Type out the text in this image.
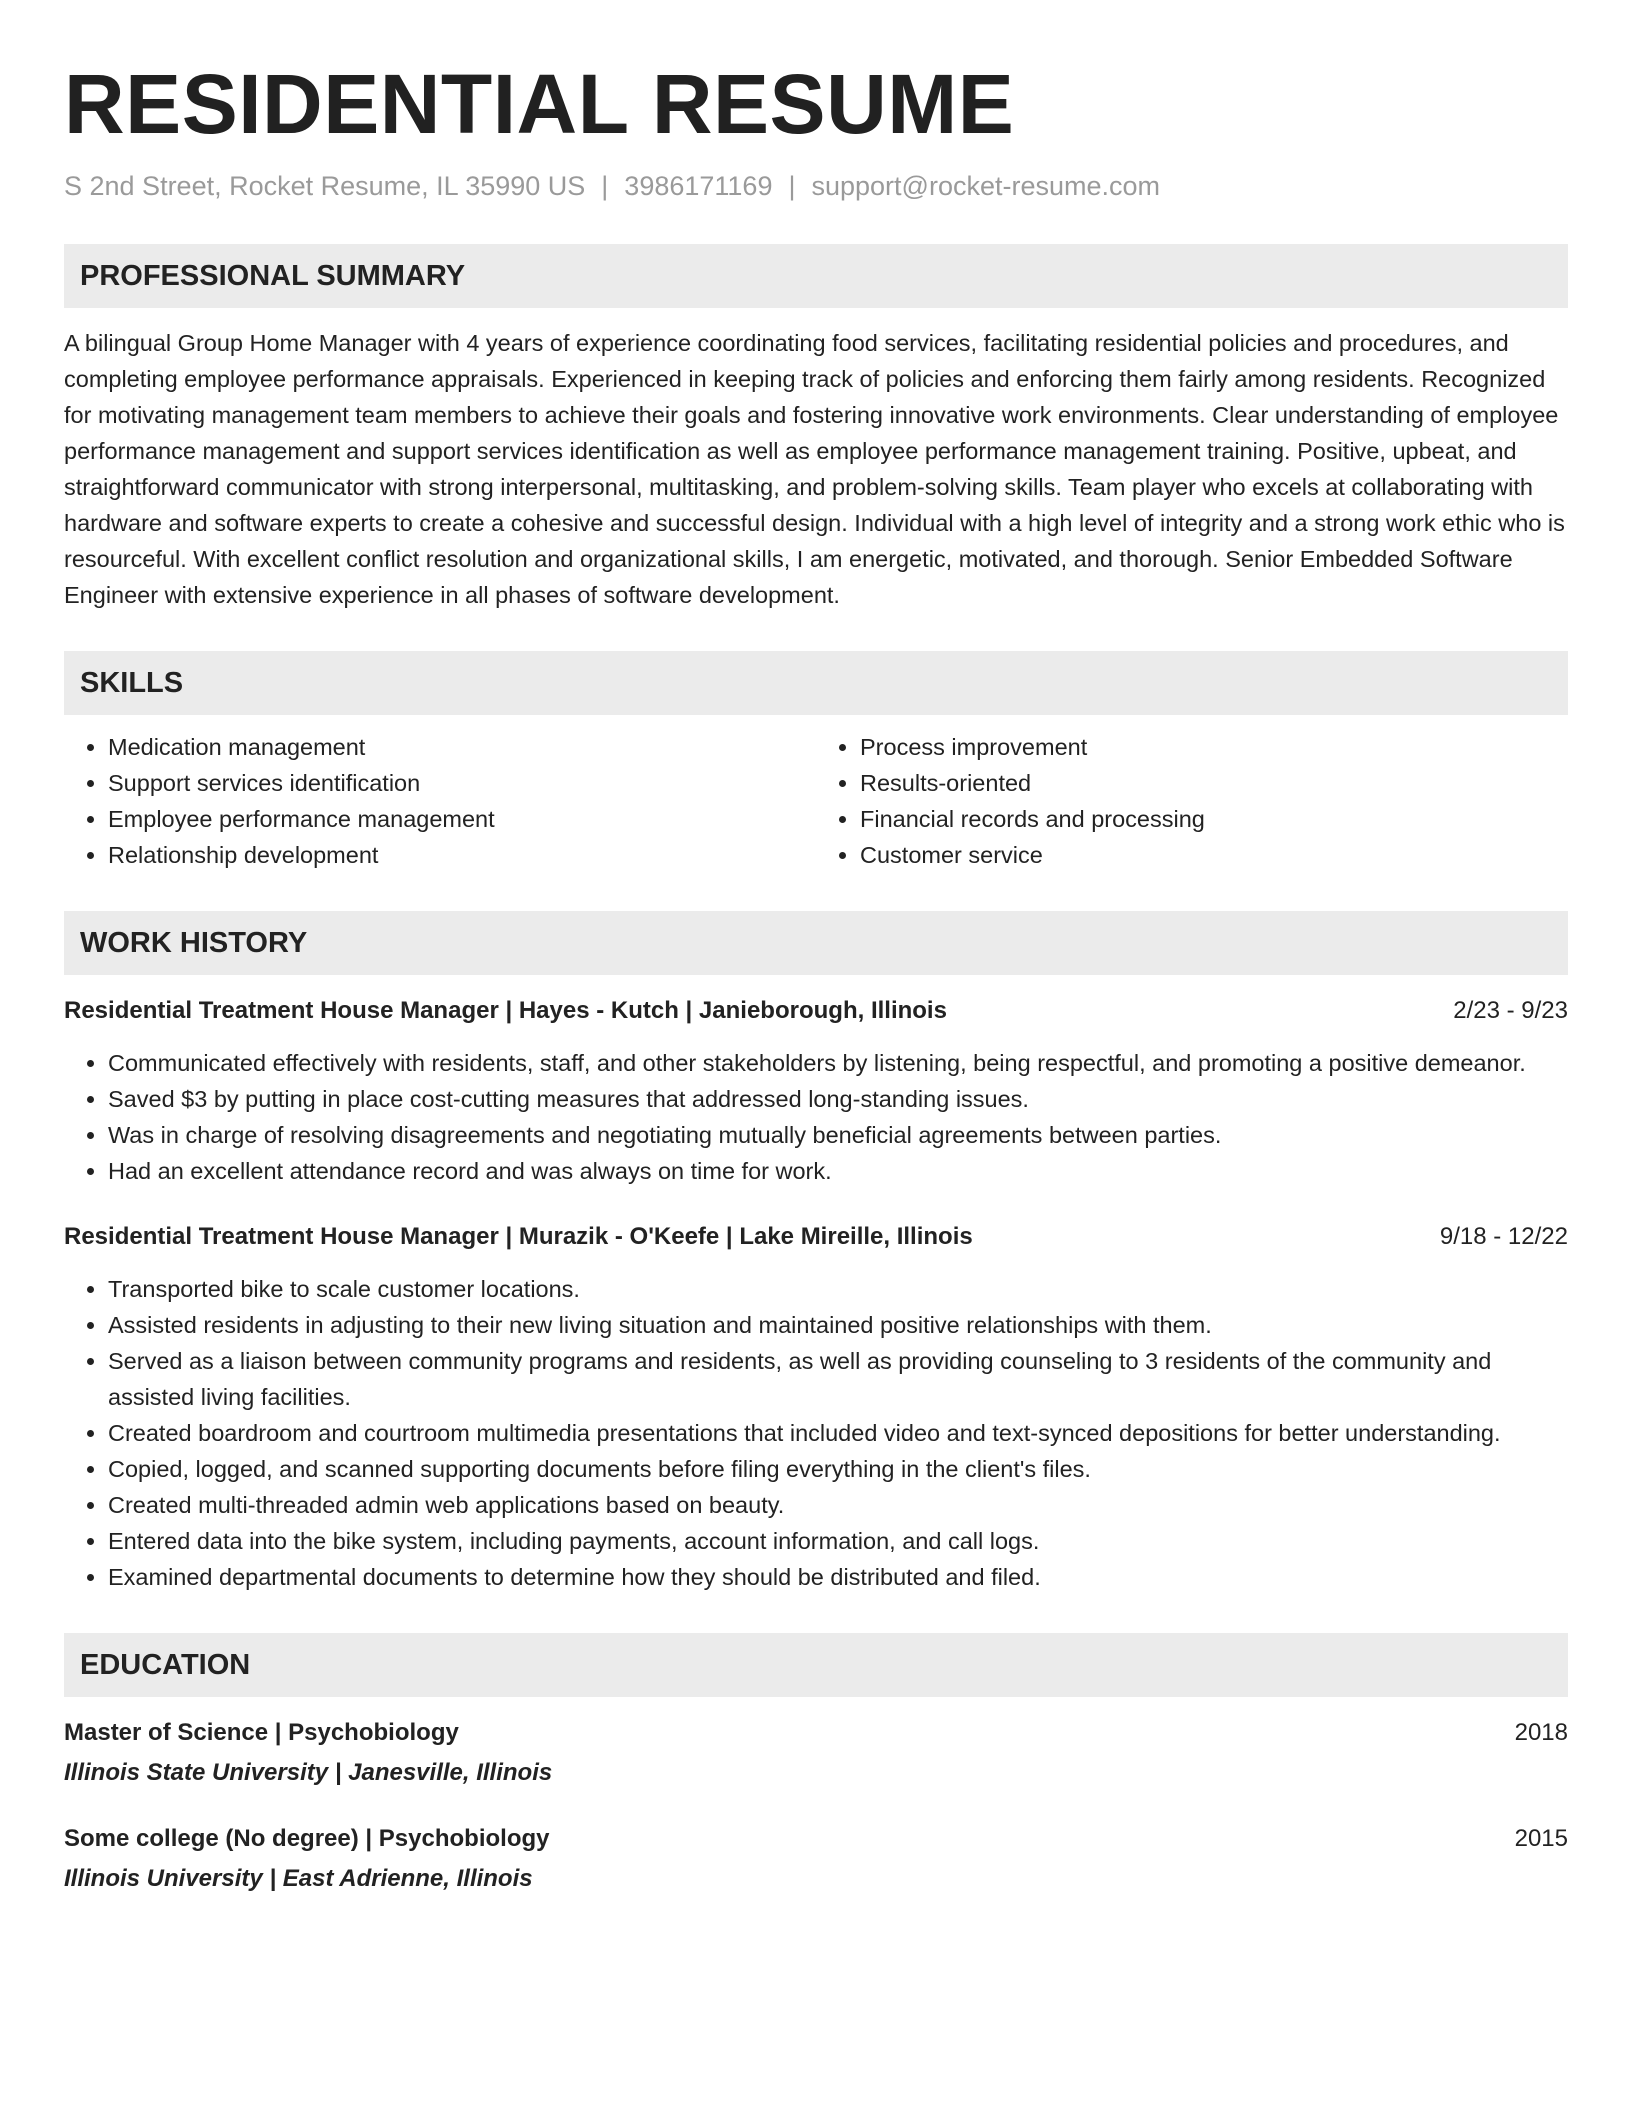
RESIDENTIAL RESUME
S 2nd Street, Rocket Resume, IL 35990 US | 3986171169 | support@rocket-resume.com
PROFESSIONAL SUMMARY

A bilingual Group Home Manager with 4 years of experience coordinating food services, facilitating residential policies and procedures, and completing employee performance appraisals. Experienced in keeping track of policies and enforcing them fairly among residents. Recognized for motivating management team members to achieve their goals and fostering innovative work environments. Clear understanding of employee performance management and support services identification as well as employee performance management training. Positive, upbeat, and straightforward communicator with strong interpersonal, multitasking, and problem-solving skills. Team player who excels at collaborating with hardware and software experts to create a cohesive and successful design. Individual with a high level of integrity and a strong work ethic who is resourceful. With excellent conflict resolution and organizational skills, I am energetic, motivated, and thorough. Senior Embedded Software Engineer with extensive experience in all phases of software development.

SKILLS
• Medication management
• Support services identification
• Employee performance management
• Relationship development
• Process improvement
• Results-oriented
• Financial records and processing
• Customer service
WORK HISTORY
Residential Treatment House Manager | Hayes - Kutch | Janieborough, Illinois	2/23 - 9/23
• Communicated effectively with residents, staff, and other stakeholders by listening, being respectful, and promoting a positive demeanor.
• Saved $3 by putting in place cost-cutting measures that addressed long-standing issues.
• Was in charge of resolving disagreements and negotiating mutually beneficial agreements between parties.
• Had an excellent attendance record and was always on time for work.
Residential Treatment House Manager | Murazik - O'Keefe | Lake Mireille, Illinois	9/18 - 12/22
• Transported bike to scale customer locations.
• Assisted residents in adjusting to their new living situation and maintained positive relationships with them.
• Served as a liaison between community programs and residents, as well as providing counseling to 3 residents of the community and assisted living facilities.
• Created boardroom and courtroom multimedia presentations that included video and text-synced depositions for better understanding.
• Copied, logged, and scanned supporting documents before filing everything in the client's files.
• Created multi-threaded admin web applications based on beauty.
• Entered data into the bike system, including payments, account information, and call logs.
• Examined departmental documents to determine how they should be distributed and filed.
EDUCATION
Master of Science | Psychobiology	2018
Illinois State University | Janesville, Illinois
Some college (No degree) | Psychobiology	2015
Illinois University | East Adrienne, Illinois
